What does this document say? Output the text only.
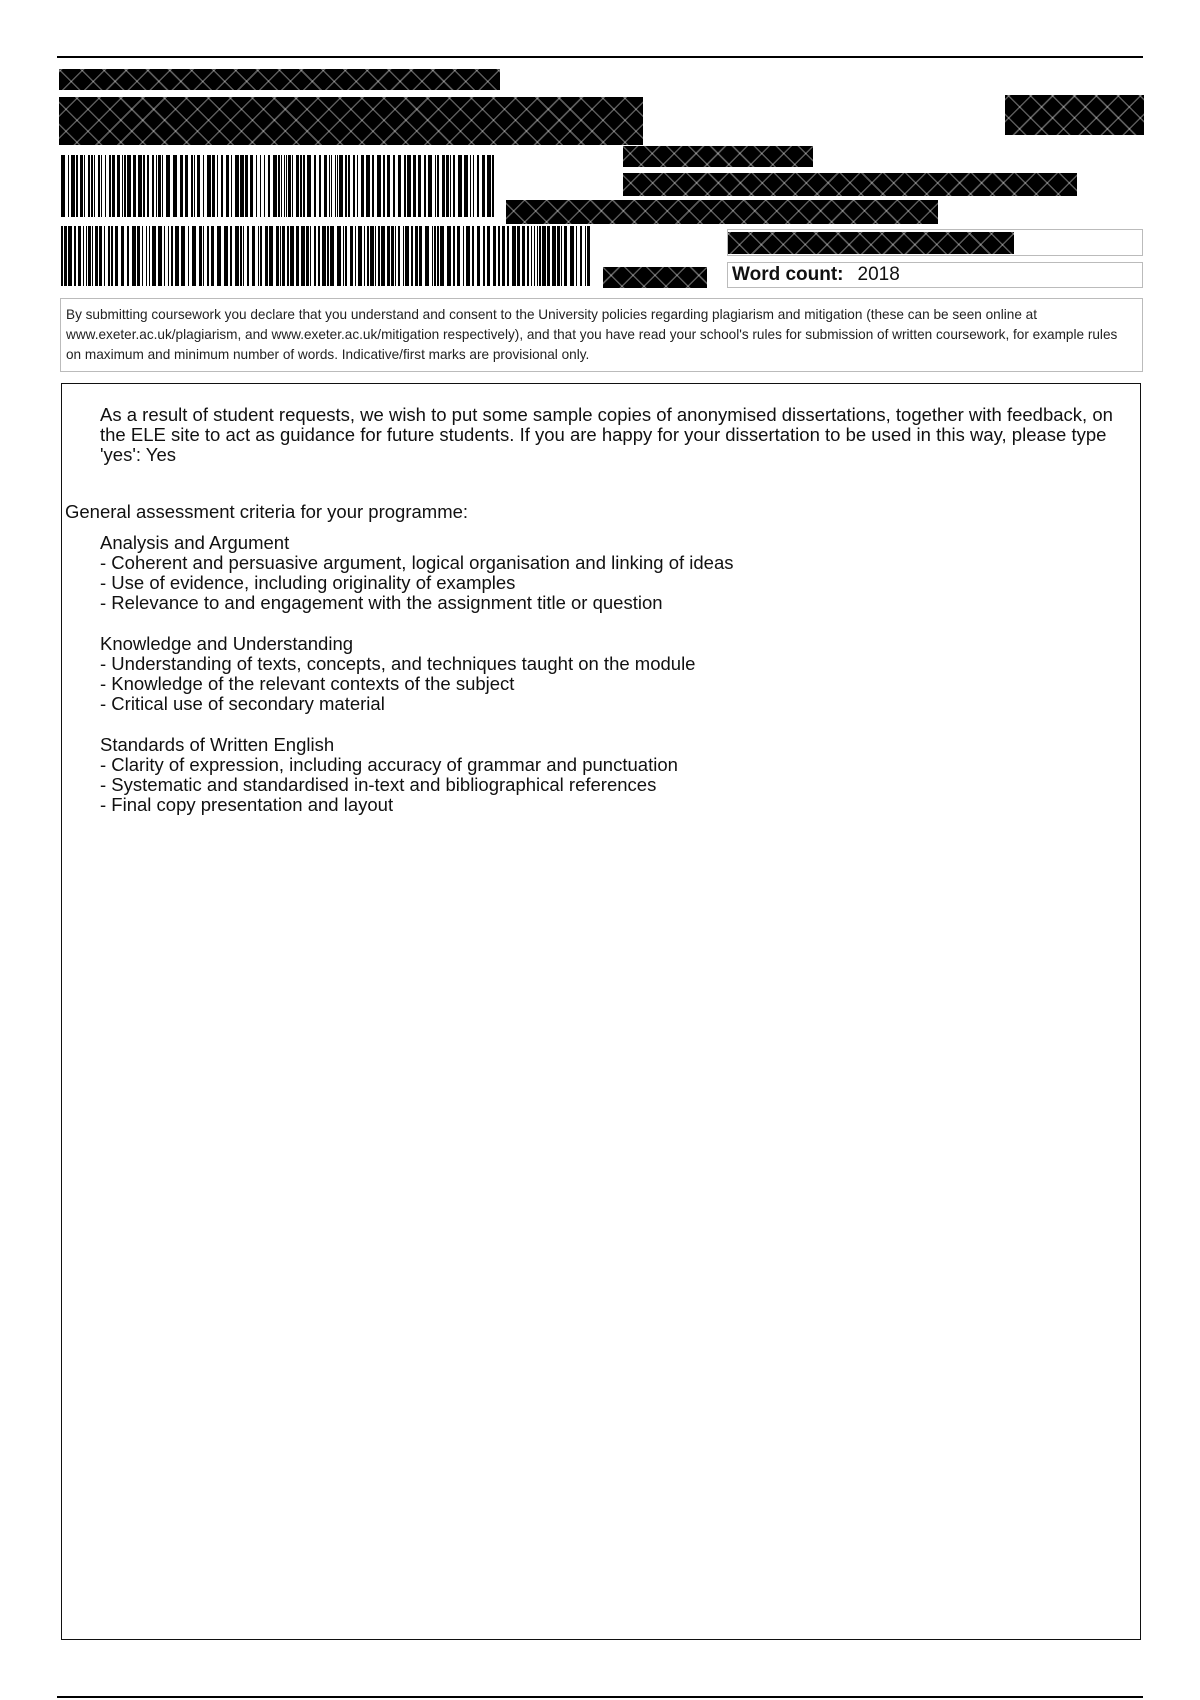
Word count: 2018
By submitting coursework you declare that you understand and consent to the University policies regarding plagiarism and mitigation (these can be seen online at www.exeter.ac.uk/plagiarism, and www.exeter.ac.uk/mitigation respectively), and that you have read your school's rules for submission of written coursework, for example rules on maximum and minimum number of words. Indicative/first marks are provisional only.
As a result of student requests, we wish to put some sample copies of anonymised dissertations, together with feedback, on the ELE site to act as guidance for future students. If you are happy for your dissertation to be used in this way, please type 'yes': Yes
General assessment criteria for your programme:
Analysis and Argument
- Coherent and persuasive argument, logical organisation and linking of ideas
- Use of evidence, including originality of examples
- Relevance to and engagement with the assignment title or question
Knowledge and Understanding
- Understanding of texts, concepts, and techniques taught on the module
- Knowledge of the relevant contexts of the subject
- Critical use of secondary material
Standards of Written English
- Clarity of expression, including accuracy of grammar and punctuation
- Systematic and standardised in-text and bibliographical references
- Final copy presentation and layout
